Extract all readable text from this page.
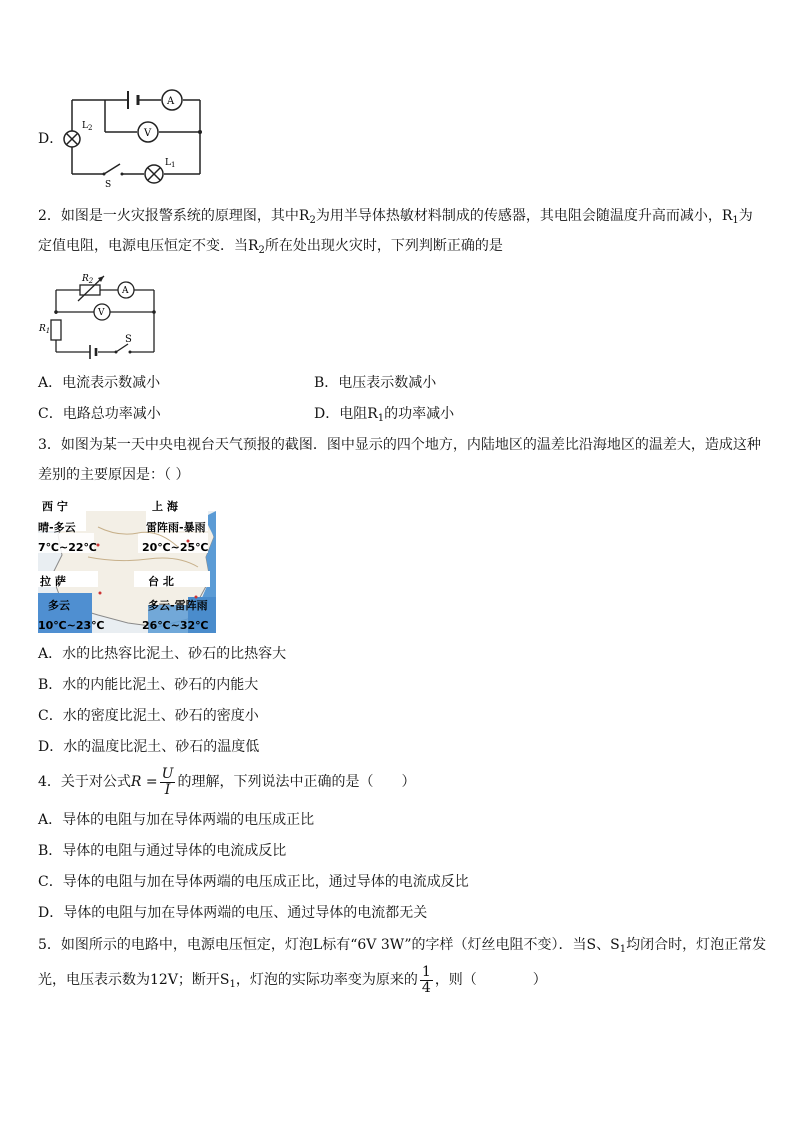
D．
A
V
$L_2$
$L_1$
S
2．如图是一火灾报警系统的原理图，其中$R_2$为用半导体热敏材料制成的传感器，其电阻会随温度升高而减小，$R_1$为
定值电阻，电源电压恒定不变．当$R_2$所在处出现火灾时，下列判断正确的是
A
V
$R_2$
$R_1$
S
A．电流表示数减小	B．电压表示数减小
C．电路总功率减小	D．电阻$R_1$的功率减小
3．如图为某一天中央电视台天气预报的截图．图中显示的四个地方，内陆地区的温差比沿海地区的温差大，造成这种
差别的主要原因是：（ ）
西 宁
晴-多云
7℃~22℃
上 海
雷阵雨-暴雨
20℃~25℃
拉 萨
多云
10℃~23℃
台 北
多云-雷阵雨
26℃~32℃
A．水的比热容比泥土、砂石的比热容大
B．水的内能比泥土、砂石的内能大
C．水的密度比泥土、砂石的密度小
D．水的温度比泥土、砂石的温度低
4．关于对公式$R = \frac{U}{I}$ 的理解，下列说法中正确的是（　　）
A．导体的电阻与加在导体两端的电压成正比
B．导体的电阻与通过导体的电流成反比
C．导体的电阻与加在导体两端的电压成正比，通过导体的电流成反比
D．导体的电阻与加在导体两端的电压、通过导体的电流都无关
5．如图所示的电路中，电源电压恒定，灯泡L标有“6V 3W”的字样（灯丝电阻不变）．当S、$S_1$均闭合时，灯泡正常发
光，电压表示数为12V；断开$S_1$，灯泡的实际功率变为原来的 $\frac{1}{4}$ ，则（　　　　）
